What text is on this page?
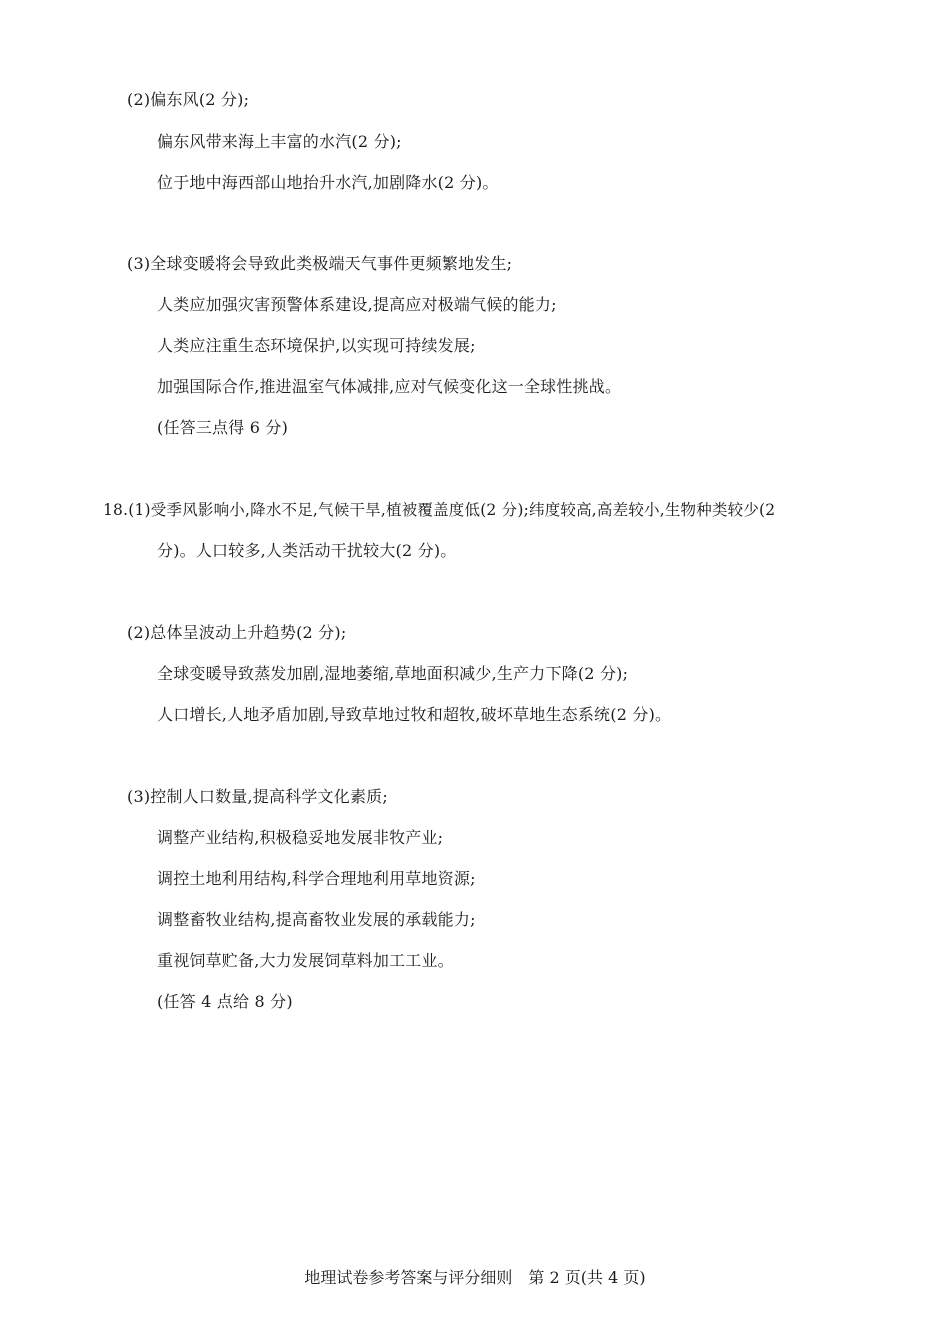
(2)偏东风(2 分);
偏东风带来海上丰富的水汽(2 分);
位于地中海西部山地抬升水汽,加剧降水(2 分)。
(3)全球变暖将会导致此类极端天气事件更频繁地发生;
人类应加强灾害预警体系建设,提高应对极端气候的能力;
人类应注重生态环境保护,以实现可持续发展;
加强国际合作,推进温室气体减排,应对气候变化这一全球性挑战。
(任答三点得 6 分)
18.(1)受季风影响小,降水不足,气候干旱,植被覆盖度低(2 分);纬度较高,高差较小,生物种类较少(2
分)。人口较多,人类活动干扰较大(2 分)。
(2)总体呈波动上升趋势(2 分);
全球变暖导致蒸发加剧,湿地萎缩,草地面积减少,生产力下降(2 分);
人口增长,人地矛盾加剧,导致草地过牧和超牧,破坏草地生态系统(2 分)。
(3)控制人口数量,提高科学文化素质;
调整产业结构,积极稳妥地发展非牧产业;
调控土地利用结构,科学合理地利用草地资源;
调整畜牧业结构,提高畜牧业发展的承载能力;
重视饲草贮备,大力发展饲草料加工工业。
(任答 4 点给 8 分)
地理试卷参考答案与评分细则　第 2 页(共 4 页)
